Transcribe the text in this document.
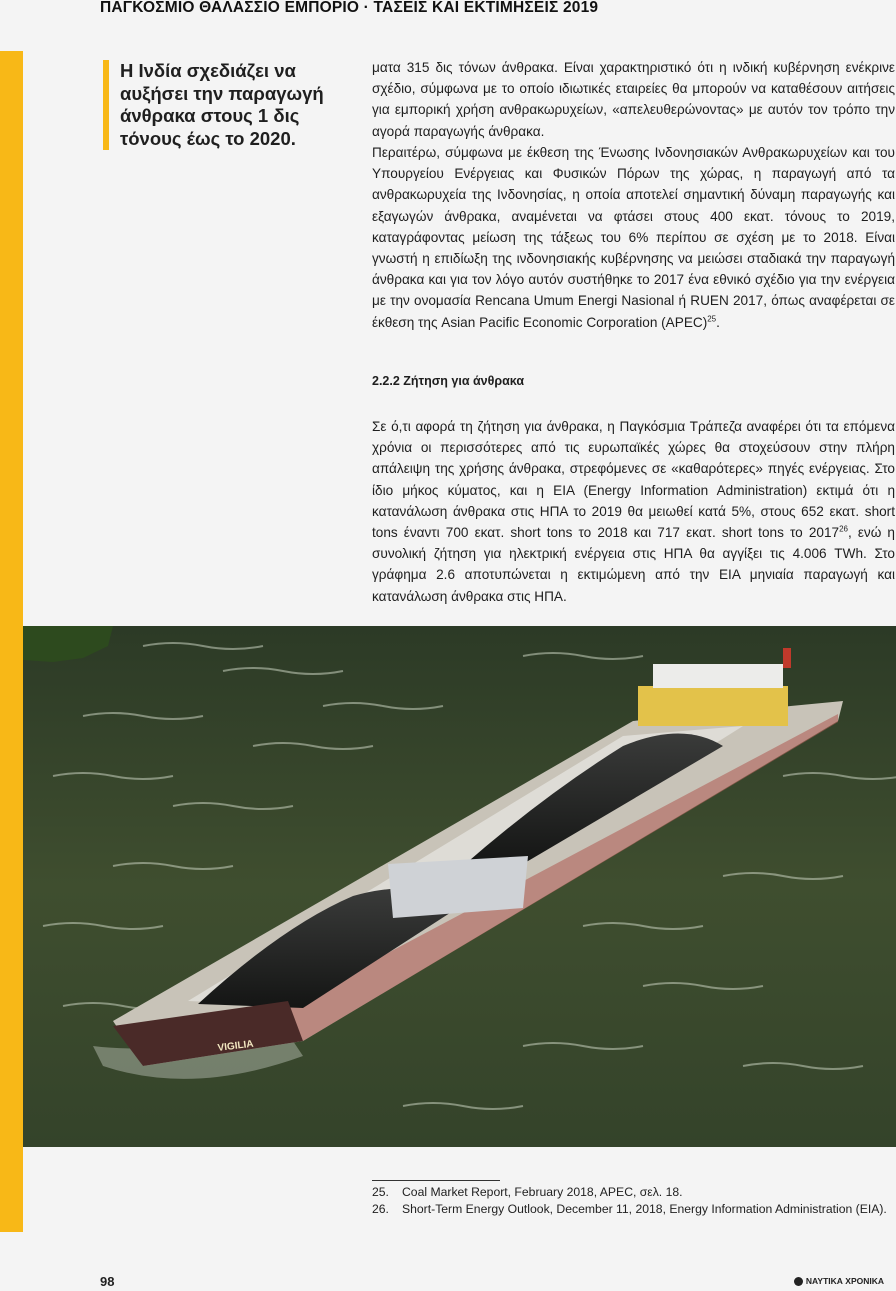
ΠΑΓΚΟΣΜΙΟ ΘΑΛΑΣΣΙΟ ΕΜΠΟΡΙΟ · ΤΑΣΕΙΣ ΚΑΙ ΕΚΤΙΜΗΣΕΙΣ 2019
Η Ινδία σχεδιάζει να αυξήσει την παραγωγή άνθρακα στους 1 δις τόνους έως το 2020.
ματα 315 δις τόνων άνθρακα. Είναι χαρακτηριστικό ότι η ινδική κυβέρνηση ενέκρινε σχέδιο, σύμφωνα με το οποίο ιδιωτικές εταιρείες θα μπορούν να καταθέσουν αιτήσεις για εμπορική χρήση ανθρακωρυχείων, «απελευθερώνοντας» με αυτόν τον τρόπο την αγορά παραγωγής άνθρακα.
Περαιτέρω, σύμφωνα με έκθεση της Ένωσης Ινδονησιακών Ανθρακωρυχείων και του Υπουργείου Ενέργειας και Φυσικών Πόρων της χώρας, η παραγωγή από τα ανθρακωρυχεία της Ινδονησίας, η οποία αποτελεί σημαντική δύναμη παραγωγής και εξαγωγών άνθρακα, αναμένεται να φτάσει στους 400 εκατ. τόνους το 2019, καταγράφοντας μείωση της τάξεως του 6% περίπου σε σχέση με το 2018. Είναι γνωστή η επιδίωξη της ινδονησιακής κυβέρνησης να μειώσει σταδιακά την παραγωγή άνθρακα και για τον λόγο αυτόν συστήθηκε το 2017 ένα εθνικό σχέδιο για την ενέργεια με την ονομασία Rencana Umum Energi Nasional ή RUEN 2017, όπως αναφέρεται σε έκθεση της Asian Pacific Economic Corporation (APEC)$^{25}$.
2.2.2 Ζήτηση για άνθρακα
Σε ό,τι αφορά τη ζήτηση για άνθρακα, η Παγκόσμια Τράπεζα αναφέρει ότι τα επόμενα χρόνια οι περισσότερες από τις ευρωπαϊκές χώρες θα στοχεύσουν στην πλήρη απάλειψη της χρήσης άνθρακα, στρεφόμενες σε «καθαρότερες» πηγές ενέργειας. Στο ίδιο μήκος κύματος, και η EIA (Energy Information Administration) εκτιμά ότι η κατανάλωση άνθρακα στις ΗΠΑ το 2019 θα μειωθεί κατά 5%, στους 652 εκατ. short tons έναντι 700 εκατ. short tons το 2018 και 717 εκατ. short tons το 2017$^{26}$, ενώ η συνολική ζήτηση για ηλεκτρική ενέργεια στις ΗΠΑ θα αγγίξει τις 4.006 TWh. Στο γράφημα 2.6 αποτυπώνεται η εκτιμώμενη από την EIA μηνιαία παραγωγή και κατανάλωση άνθρακα στις ΗΠΑ.
VIGILIA
25. Coal Market Report, February 2018, APEC, σελ. 18.
26. Short-Term Energy Outlook, December 11, 2018, Energy Information Administration (EIA).
98	ΝΑΥΤΙΚΑ ΧΡΟΝΙΚΑ
